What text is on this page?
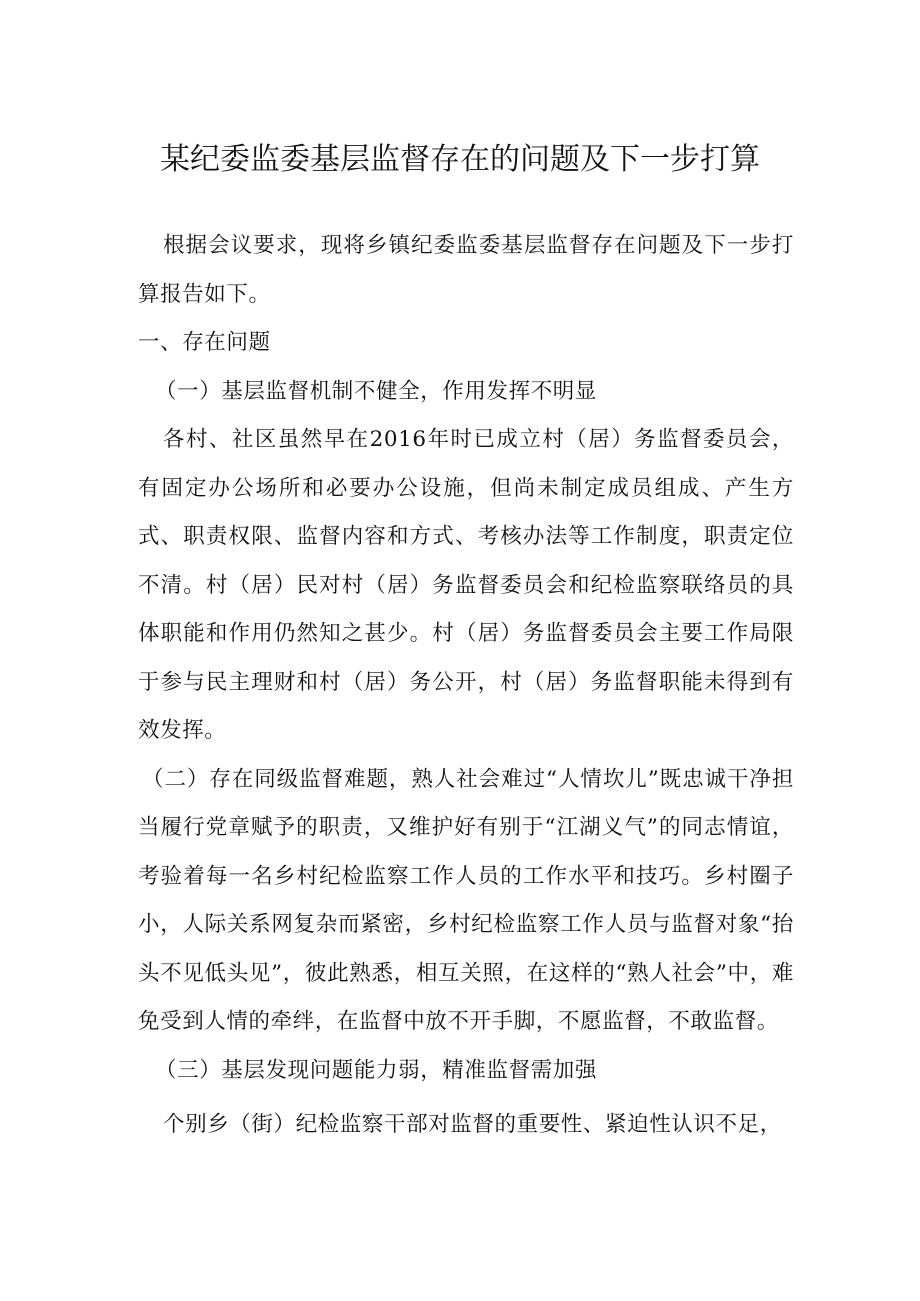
某纪委监委基层监督存在的问题及下一步打算

根据会议要求，现将乡镇纪委监委基层监督存在问题及下一步打算报告如下。

一、存在问题

（一）基层监督机制不健全，作用发挥不明显

各村、社区虽然早在2016年时已成立村（居）务监督委员会，有固定办公场所和必要办公设施，但尚未制定成员组成、产生方式、职责权限、监督内容和方式、考核办法等工作制度，职责定位不清。村（居）民对村（居）务监督委员会和纪检监察联络员的具体职能和作用仍然知之甚少。村（居）务监督委员会主要工作局限于参与民主理财和村（居）务公开，村（居）务监督职能未得到有效发挥。

（二）存在同级监督难题，熟人社会难过“人情坎儿”既忠诚干净担当履行党章赋予的职责，又维护好有别于“江湖义气”的同志情谊，考验着每一名乡村纪检监察工作人员的工作水平和技巧。乡村圈子小，人际关系网复杂而紧密，乡村纪检监察工作人员与监督对象“抬头不见低头见”，彼此熟悉，相互关照，在这样的“熟人社会”中，难免受到人情的牵绊，在监督中放不开手脚，不愿监督，不敢监督。

（三）基层发现问题能力弱，精准监督需加强

个别乡（街）纪检监察干部对监督的重要性、紧迫性认识不足，
